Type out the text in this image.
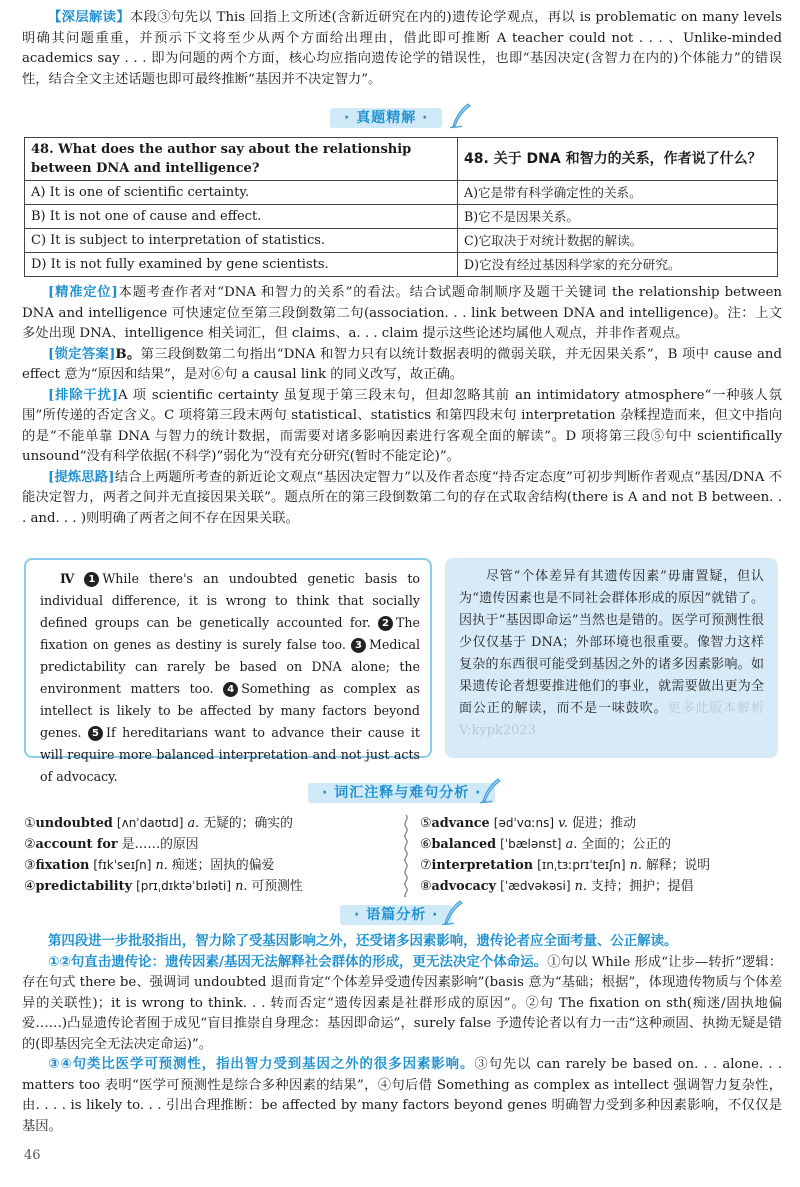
【深层解读】本段③句先以 This 回指上文所述(含新近研究在内的)遗传论学观点，再以 is problematic on many levels 明确其问题重重，并预示下文将至少从两个方面给出理由，借此即可推断 A teacher could not . . . 、Unlike-minded academics say . . . 即为问题的两个方面，核心均应指向遗传论学的错误性，也即“基因决定(含智力在内的)个体能力”的错误性，结合全文主述话题也即可最终推断“基因并不决定智力”。
· 真题精解 ·
48. What does the author say about the relationship between DNA and intelligence?	48. 关于 DNA 和智力的关系，作者说了什么？
A) It is one of scientific certainty.	A)它是带有科学确定性的关系。
B) It is not one of cause and effect.	B)它不是因果关系。
C) It is subject to interpretation of statistics.	C)它取决于对统计数据的解读。
D) It is not fully examined by gene scientists.	D)它没有经过基因科学家的充分研究。

[精准定位]本题考查作者对“DNA 和智力的关系”的看法。结合试题命制顺序及题干关键词 the relationship between DNA and intelligence 可快速定位至第三段倒数第二句(association. . . link between DNA and intelligence)。注：上文多处出现 DNA、intelligence 相关词汇，但 claims、a. . . claim 提示这些论述均属他人观点，并非作者观点。

[锁定答案]B。第三段倒数第二句指出“DNA 和智力只有以统计数据表明的微弱关联，并无因果关系”，B 项中 cause and effect 意为“原因和结果”，是对⑥句 a causal link 的同义改写，故正确。

[排除干扰]A 项 scientific certainty 虽复现于第三段末句，但却忽略其前 an intimidatory atmosphere“一种骇人氛围”所传递的否定含义。C 项将第三段末两句 statistical、statistics 和第四段末句 interpretation 杂糅捏造而来，但文中指向的是“不能单靠 DNA 与智力的统计数据，而需要对诸多影响因素进行客观全面的解读”。D 项将第三段⑤句中 scientifically unsound“没有科学依据(不科学)”弱化为“没有充分研究(暂时不能定论)”。

[提炼思路]结合上两题所考查的新近论文观点“基因决定智力”以及作者态度“持否定态度”可初步判断作者观点“基因/DNA 不能决定智力，两者之间并无直接因果关联”。题点所在的第三段倒数第二句的存在式取舍结构(there is A and not B between. . . and. . . )则明确了两者之间不存在因果关联。

Ⅳ 1 While there's an undoubted genetic basis to individual difference, it is wrong to think that socially defined groups can be genetically accounted for. 2 The fixation on genes as destiny is surely false too. 3 Medical predictability can rarely be based on DNA alone; the environment matters too. 4 Something as complex as intellect is likely to be affected by many factors beyond genes. 5 If hereditarians want to advance their cause it will require more balanced interpretation and not just acts of advocacy.
尽管“个体差异有其遗传因素”毋庸置疑，但认为“遗传因素也是不同社会群体形成的原因”就错了。因执于“基因即命运”当然也是错的。医学可预测性很少仅仅基于 DNA；外部环境也很重要。像智力这样复杂的东西很可能受到基因之外的诸多因素影响。如果遗传论者想要推进他们的事业，就需要做出更为全面公正的解读，而不是一味鼓吹。更多此版本解析 V:kypk2023
· 词汇注释与难句分析 ·
①undoubted [ʌnˈdaʊtɪd] a. 无疑的；确实的
②account for 是……的原因
③fixation [fɪkˈseɪʃn] n. 痴迷；固执的偏爱
④predictability [prɪˌdɪktəˈbɪləti] n. 可预测性
⑤advance [ədˈvɑːns] v. 促进；推动
⑥balanced [ˈbælənst] a. 全面的；公正的
⑦interpretation [ɪnˌtɜːprɪˈteɪʃn] n. 解释；说明
⑧advocacy [ˈædvəkəsi] n. 支持；拥护；提倡
· 语篇分析 ·

第四段进一步批驳指出，智力除了受基因影响之外，还受诸多因素影响，遗传论者应全面考量、公正解读。

①②句直击遗传论：遗传因素/基因无法解释社会群体的形成，更无法决定个体命运。①句以 While 形成“让步—转折”逻辑：存在句式 there be、强调词 undoubted 退而肯定“个体差异受遗传因素影响”(basis 意为“基础；根据”，体现遗传物质与个体差异的关联性)；it is wrong to think. . . 转而否定“遗传因素是社群形成的原因”。②句 The fixation on sth(痴迷/固执地偏爱……)凸显遗传论者囿于成见“盲目推崇自身理念：基因即命运”，surely false 予遗传论者以有力一击“这种顽固、执拗无疑是错的(即基因完全无法决定命运)”。

③④句类比医学可预测性，指出智力受到基因之外的很多因素影响。③句先以 can rarely be based on. . . alone. . . matters too 表明“医学可预测性是综合多种因素的结果”，④句后借 Something as complex as intellect 强调智力复杂性，由. . . . is likely to. . . 引出合理推断：be affected by many factors beyond genes 明确智力受到多种因素影响，不仅仅是基因。

46
